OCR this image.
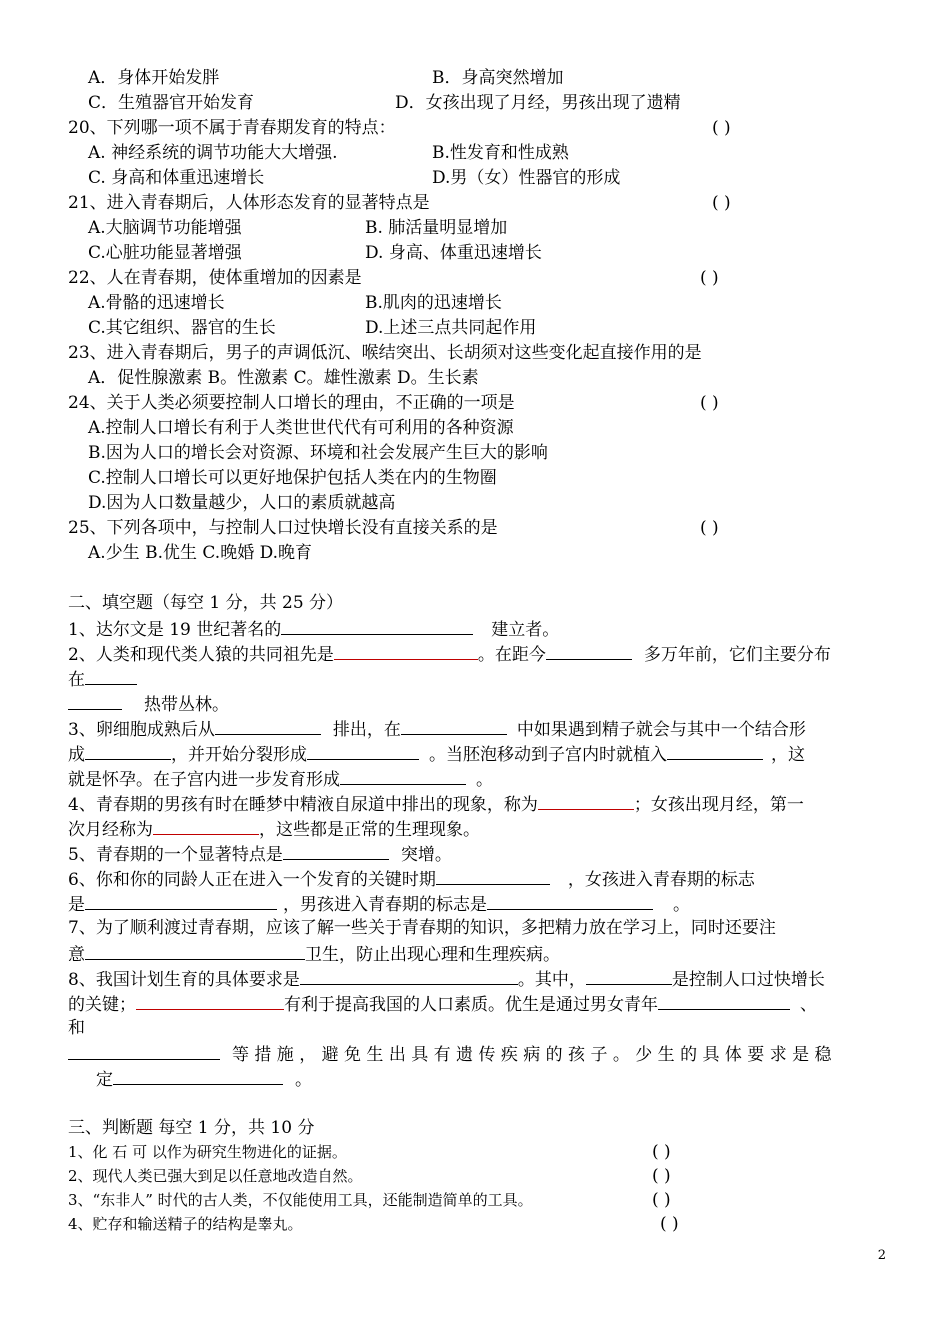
A．身体开始发胖	B．身高突然增加
C．生殖器官开始发育	D．女孩出现了月经，男孩出现了遗精
20、下列哪一项不属于青春期发育的特点：	( )
A. 神经系统的调节功能大大增强.	B.性发育和性成熟
C. 身高和体重迅速增长	D.男（女）性器官的形成
21、进入青春期后，人体形态发育的显著特点是	( )
A.大脑调节功能增强	B. 肺活量明显增加
C.心脏功能显著增强	D. 身高、体重迅速增长
22、人在青春期，使体重增加的因素是	( )
A.骨骼的迅速增长	B.肌肉的迅速增长
C.其它组织、器官的生长	D.上述三点共同起作用
23、进入青春期后，男子的声调低沉、喉结突出、长胡须对这些变化起直接作用的是
A．促性腺激素 B。性激素 C。雄性激素 D。生长素
24、关于人类必须要控制人口增长的理由，不正确的一项是	( )
A.控制人口增长有利于人类世世代代有可利用的各种资源
B.因为人口的增长会对资源、环境和社会发展产生巨大的影响
C.控制人口增长可以更好地保护包括人类在内的生物圈
D.因为人口数量越少，人口的素质就越高
25、下列各项中，与控制人口过快增长没有直接关系的是	( )
A.少生 B.优生 C.晚婚 D.晚育
二、填空题（每空 1 分，共 25 分）
1、达尔文是 19 世纪著名的	建立者。
2、人类和现代类人猿的共同祖先是	。在距今	多万年前，它们主要分布
在
热带丛林。
3、卵细胞成熟后从	排出，在	中如果遇到精子就会与其中一个结合形
成	，并开始分裂形成	。当胚泡移动到子宫内时就植入	，这
就是怀孕。在子宫内进一步发育形成	。
4、青春期的男孩有时在睡梦中精液自尿道中排出的现象，称为	；女孩出现月经，第一
次月经称为	，这些都是正常的生理现象。
5、青春期的一个显著特点是	突增。
6、你和你的同龄人正在进入一个发育的关键时期	，女孩进入青春期的标志
是	，男孩进入青春期的标志是	。
7、为了顺利渡过青春期，应该了解一些关于青春期的知识，多把精力放在学习上，同时还要注
意	卫生，防止出现心理和生理疾病。
8、我国计划生育的具体要求是	。其中，	是控制人口过快增长
的关键；	有利于提高我国的人口素质。优生是通过男女青年	、
和
等 措 施 ， 避 免 生 出 具 有 遗 传 疾 病 的 孩 子 。 少 生 的 具 体 要 求 是 稳
定	。
三、判断题 每空 1 分，共 10 分
1、化 石 可 以作为研究生物进化的证据。	( )
2、现代人类已强大到足以任意地改造自然。	( )
3、“东非人” 时代的古人类，不仅能使用工具，还能制造简单的工具。	( )
4、贮存和输送精子的结构是睾丸。	( )
2
